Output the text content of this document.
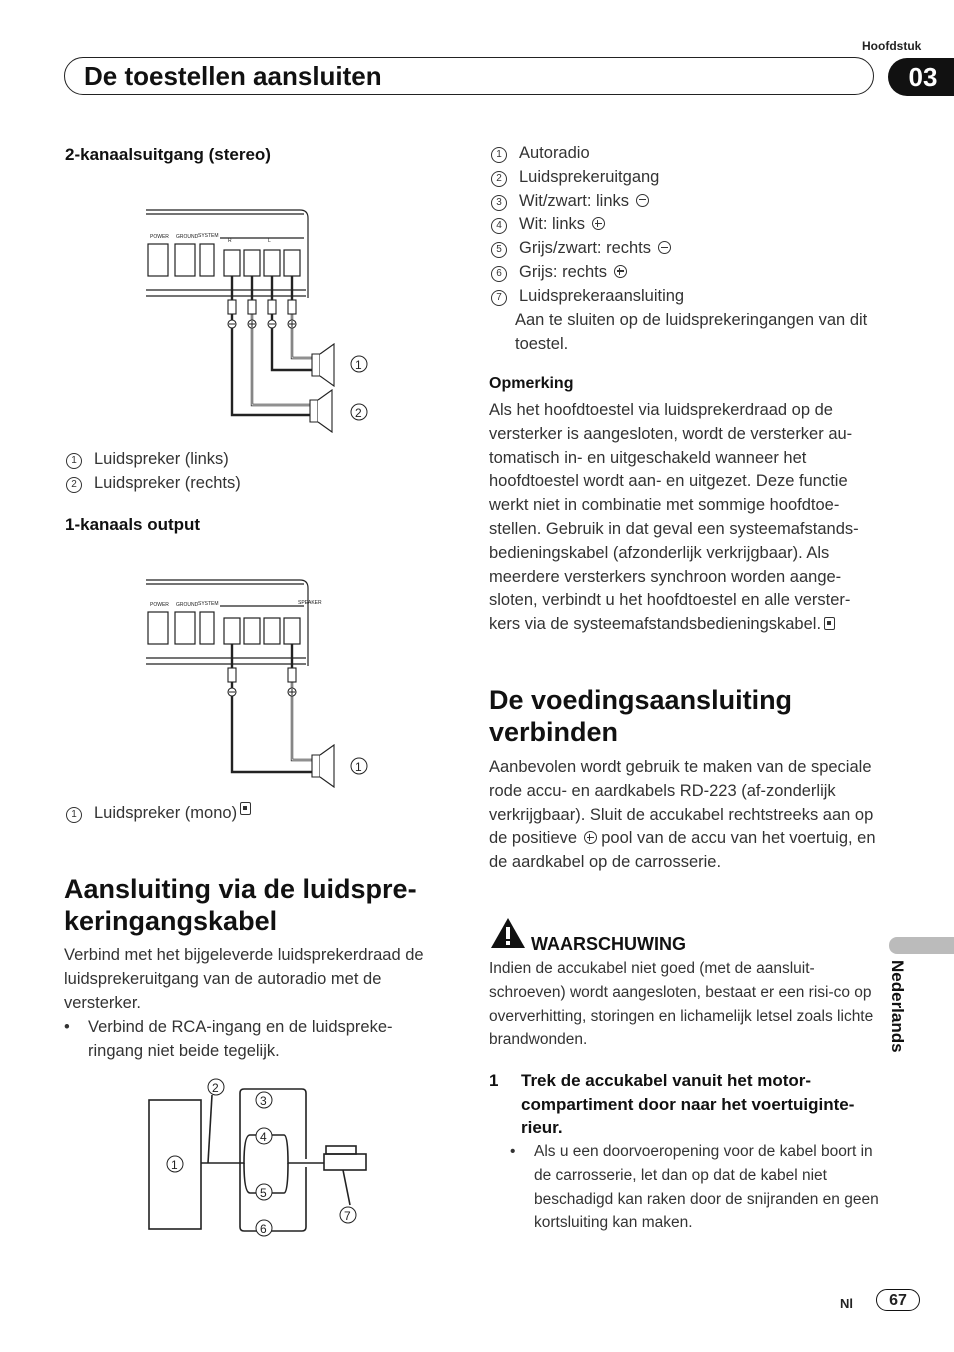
Hoofdstuk
03
De toestellen aansluiten
2-kanaalsuitgang (stereo)
POWER GROUND SYSTEM
R	L
1
2
1	Luidspreker (links)
2	Luidspreker (rechts)
1-kanaals output
POWER GROUND SYSTEM	SPEAKER
1
1	Luidspreker (mono)
Aansluiting via de luidspre-
keringangskabel
Verbind met het bijgeleverde luidsprekerdraad de luidsprekeruitgang van de autoradio met de versterker.
•	Verbind de RCA-ingang en de luidspreke-ringang niet beide tegelijk.
1
2
3
4
5
6
7
1	Autoradio
2	Luidsprekeruitgang
3	Wit/zwart: links
4	Wit: links
5	Grijs/zwart: rechts
6	Grijs: rechts
7	Luidsprekeraansluiting
Aan te sluiten op de luidsprekeringangen van dit toestel.
Opmerking
Als het hoofdtoestel via luidsprekerdraad op de versterker is aangesloten, wordt de versterker au-tomatisch in- en uitgeschakeld wanneer het hoofdtoestel wordt aan- en uitgezet. Deze functie werkt niet in combinatie met sommige hoofdtoe-stellen. Gebruik in dat geval een systeemafstands-bedieningskabel (afzonderlijk verkrijgbaar). Als meerdere versterkers synchroon worden aange-sloten, verbindt u het hoofdtoestel en alle verster-kers via de systeemafstandsbedieningskabel.
De voedingsaansluiting
verbinden
Aanbevolen wordt gebruik te maken van de speciale rode accu- en aardkabels RD-223 (af-zonderlijk verkrijgbaar). Sluit de accukabel rechtstreeks aan op de positieve pool van de accu van het voertuig, en de aardkabel op de carrosserie.
WAARSCHUWING
Indien de accukabel niet goed (met de aansluit-schroeven) wordt aangesloten, bestaat er een risi-co op oververhitting, storingen en lichamelijk letsel zoals lichte brandwonden.
1	Trek de accukabel vanuit het motor-compartiment door naar het voertuiginte-rieur.
•	Als u een doorvoeropening voor de kabel boort in de carrosserie, let dan op dat de kabel niet beschadigd kan raken door de snijranden en geen kortsluiting kan maken.
Nederlands
Nl	67
